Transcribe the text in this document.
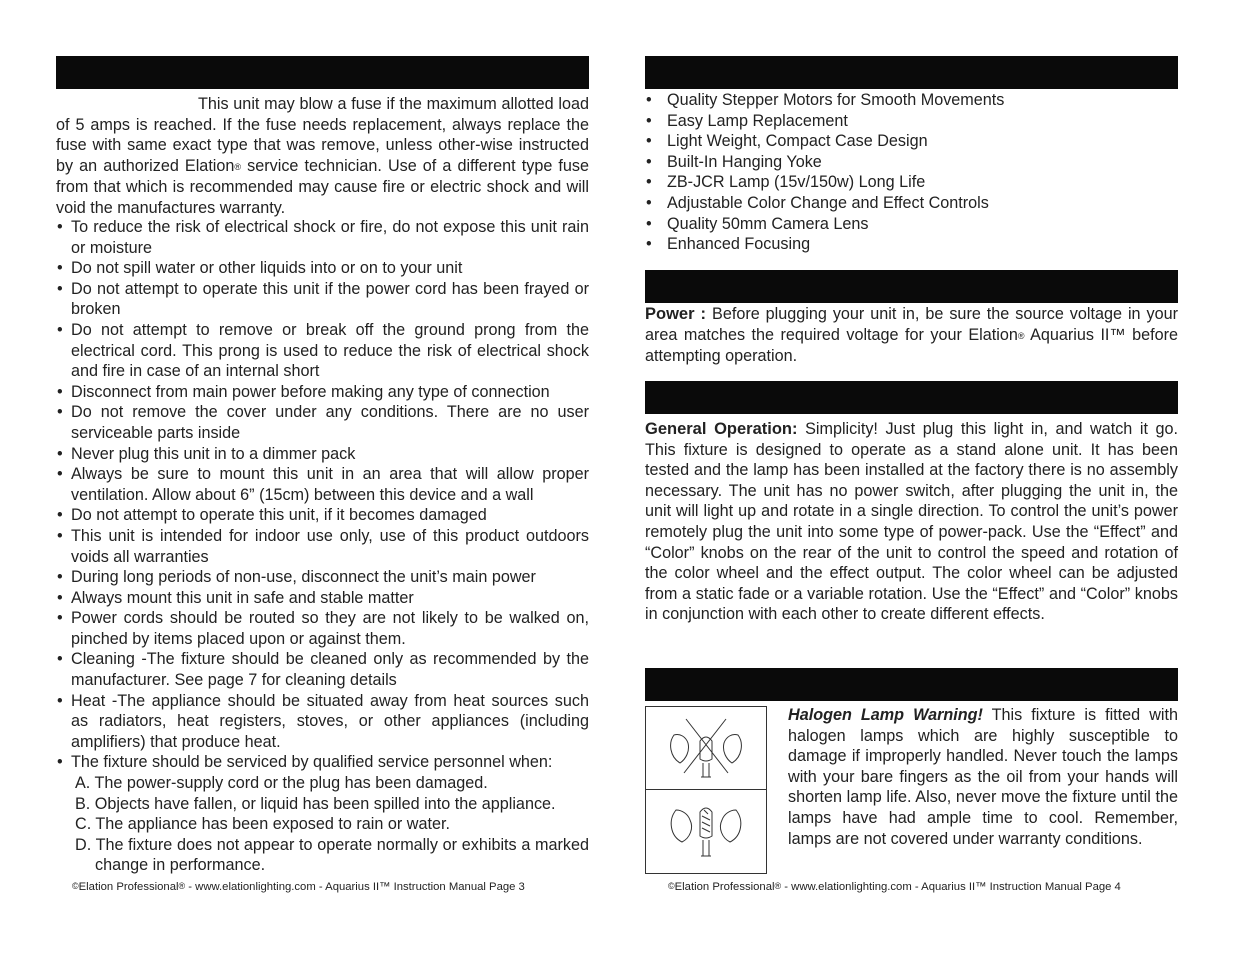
This unit may blow a fuse if the maximum allotted load of 5 amps is reached. If the fuse needs replacement, always replace the fuse with same exact type that was remove, unless other-wise instructed by an authorized Elation® service technician. Use of a different type fuse from that which is recommended may cause fire or electric shock and will void the manufactures warranty.
• To reduce the risk of electrical shock or fire, do not expose this unit rain or moisture
• Do not spill water or other liquids into or on to your unit
• Do not attempt to operate this unit if the power cord has been frayed or broken
• Do not attempt to remove or break off the ground prong from the electrical cord. This prong is used to reduce the risk of electrical shock and fire in case of an internal short
• Disconnect from main power before making any type of connection
• Do not remove the cover under any conditions. There are no user serviceable parts inside
• Never plug this unit in to a dimmer pack
• Always be sure to mount this unit in an area that will allow proper ventilation. Allow about 6” (15cm) between this device and a wall
• Do not attempt to operate this unit, if it becomes damaged
• This unit is intended for indoor use only, use of this product outdoors voids all warranties
• During long periods of non-use, disconnect the unit’s main power
• Always mount this unit in safe and stable matter
• Power cords should be routed so they are not likely to be walked on, pinched by items placed upon or against them.
• Cleaning -The fixture should be cleaned only as recommended by the manufacturer. See page 7 for cleaning details
• Heat -The appliance should be situated away from heat sources such as radiators, heat registers, stoves, or other appliances (including amplifiers) that produce heat.
• The fixture should be serviced by qualified service personnel when:
A. The power-supply cord or the plug has been damaged.
B. Objects have fallen, or liquid has been spilled into the appliance.
C. The appliance has been exposed to rain or water.
D. The fixture does not appear to operate normally or exhibits a marked change in performance.
©Elation Professional® - www.elationlighting.com - Aquarius II™ Instruction Manual Page 3
• Quality Stepper Motors for Smooth Movements
• Easy Lamp Replacement
• Light Weight, Compact Case Design
• Built-In Hanging Yoke
• ZB-JCR Lamp (15v/150w) Long Life
• Adjustable Color Change and Effect Controls
• Quality 50mm Camera Lens
• Enhanced Focusing
Power : Before plugging your unit in, be sure the source voltage in your area matches the required voltage for your Elation® Aquarius II™ before attempting operation.
General Operation: Simplicity! Just plug this light in, and watch it go. This fixture is designed to operate as a stand alone unit. It has been tested and the lamp has been installed at the factory there is no assembly necessary. The unit has no power switch, after plugging the unit in, the unit will light up and rotate in a single direction. To control the unit’s power remotely plug the unit into some type of power-pack. Use the “Effect” and “Color” knobs on the rear of the unit to control the speed and rotation of the color wheel and the effect output. The color wheel can be adjusted from a static fade or a variable rotation. Use the “Effect” and “Color” knobs in conjunction with each other to create different effects.
Halogen Lamp Warning! This fixture is fitted with halogen lamps which are highly susceptible to damage if improperly handled. Never touch the lamps with your bare fingers as the oil from your hands will shorten lamp life. Also, never move the fixture until the lamps have had ample time to cool. Remember, lamps are not covered under warranty conditions.
©Elation Professional® - www.elationlighting.com - Aquarius II™ Instruction Manual Page 4
